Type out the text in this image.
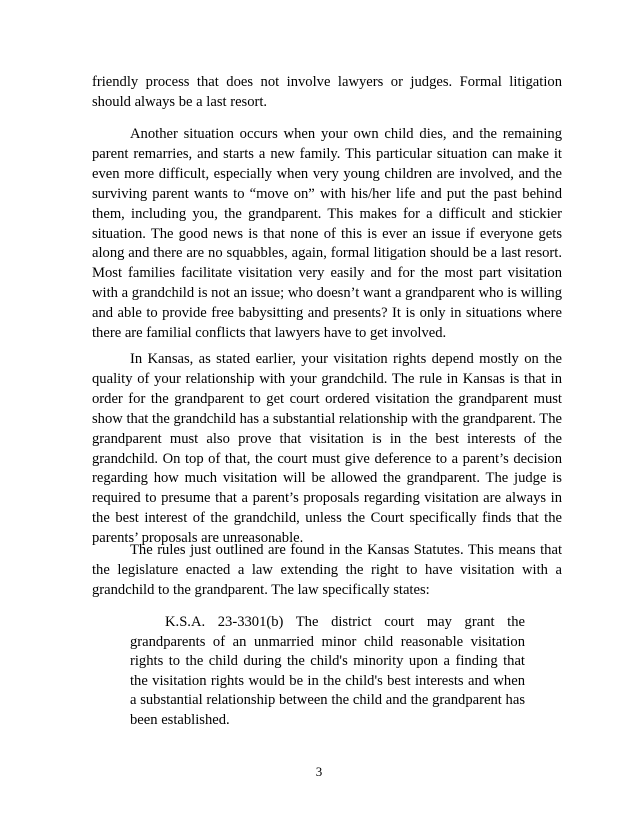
friendly process that does not involve lawyers or judges. Formal litigation should always be a last resort.

Another situation occurs when your own child dies, and the remaining parent remarries, and starts a new family. This particular situation can make it even more difficult, especially when very young children are involved, and the surviving parent wants to “move on” with his/her life and put the past behind them, including you, the grandparent. This makes for a difficult and stickier situation. The good news is that none of this is ever an issue if everyone gets along and there are no squabbles, again, formal litigation should be a last resort. Most families facilitate visitation very easily and for the most part visitation with a grandchild is not an issue; who doesn’t want a grandparent who is willing and able to provide free babysitting and presents? It is only in situations where there are familial conflicts that lawyers have to get involved.

In Kansas, as stated earlier, your visitation rights depend mostly on the quality of your relationship with your grandchild. The rule in Kansas is that in order for the grandparent to get court ordered visitation the grandparent must show that the grandchild has a substantial relationship with the grandparent. The grandparent must also prove that visitation is in the best interests of the grandchild. On top of that, the court must give deference to a parent’s decision regarding how much visitation will be allowed the grandparent. The judge is required to presume that a parent’s proposals regarding visitation are always in the best interest of the grandchild, unless the Court specifically finds that the parents’ proposals are unreasonable.

The rules just outlined are found in the Kansas Statutes. This means that the legislature enacted a law extending the right to have visitation with a grandchild to the grandparent. The law specifically states:

K.S.A. 23-3301(b) The district court may grant the grandparents of an unmarried minor child reasonable visitation rights to the child during the child's minority upon a finding that the visitation rights would be in the child's best interests and when a substantial relationship between the child and the grandparent has been established.

3
